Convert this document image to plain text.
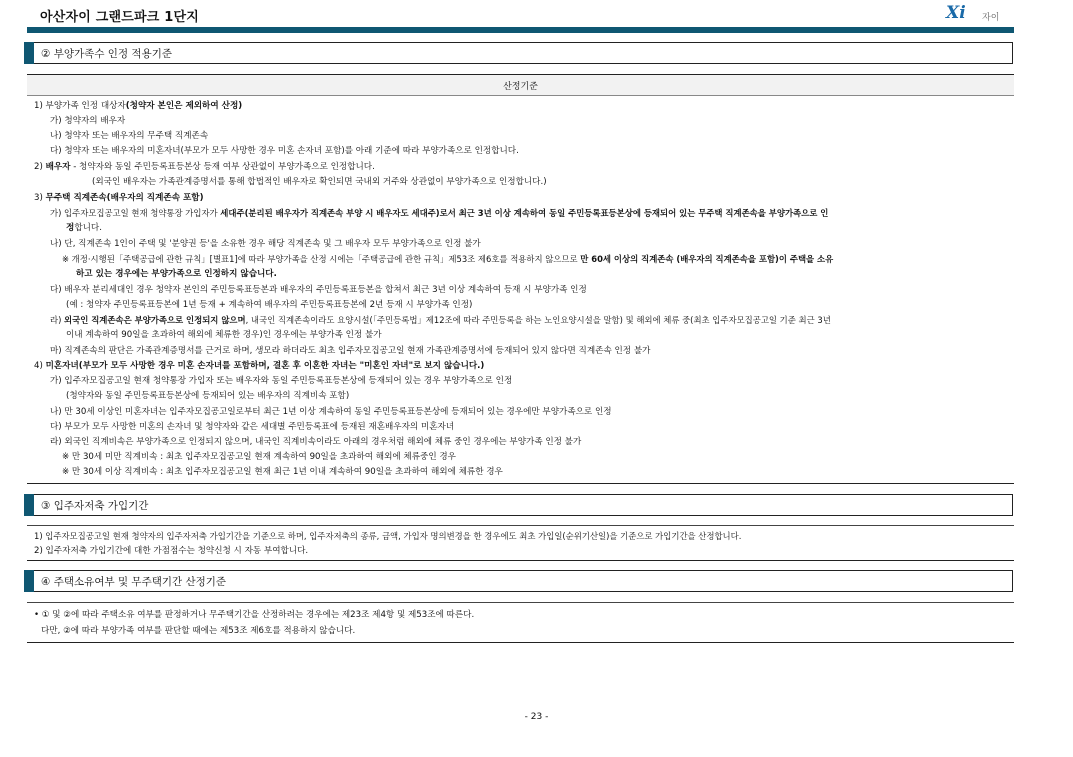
아산자이 그랜드파크 1단지	Xi 자이
② 부양가족수 인정 적용기준
산정기준
1) 부양가족 인정 대상자(청약자 본인은 제외하여 산정)
가) 청약자의 배우자
나) 청약자 또는 배우자의 무주택 직계존속
다) 청약자 또는 배우자의 미혼자녀(부모가 모두 사망한 경우 미혼 손자녀 포함)를 아래 기준에 따라 부양가족으로 인정합니다.
2) 배우자 - 청약자와 동일 주민등록표등본상 등재 여부 상관없이 부양가족으로 인정합니다.
(외국인 배우자는 가족관계증명서를 통해 합법적인 배우자로 확인되면 국내외 거주와 상관없이 부양가족으로 인정합니다.)
3) 무주택 직계존속(배우자의 직계존속 포함)
가) 입주자모집공고일 현재 청약통장 가입자가 세대주(분리된 배우자가 직계존속 부양 시 배우자도 세대주)로서 최근 3년 이상 계속하여 동일 주민등록표등본상에 등재되어 있는 무주택 직계존속을 부양가족으로 인
정합니다.
나) 단, 직계존속 1인이 주택 및 '분양권 등'을 소유한 경우 해당 직계존속 및 그 배우자 모두 부양가족으로 인정 불가
※ 개정·시행된「주택공급에 관한 규칙」[별표1]에 따라 부양가족을 산정 시에는「주택공급에 관한 규칙」제53조 제6호를 적용하지 않으므로 만 60세 이상의 직계존속 (배우자의 직계존속을 포함)이 주택을 소유
하고 있는 경우에는 부양가족으로 인정하지 않습니다.
다) 배우자 분리세대인 경우 청약자 본인의 주민등록표등본과 배우자의 주민등록표등본을 합쳐서 최근 3년 이상 계속하여 등재 시 부양가족 인정
(예 : 청약자 주민등록표등본에 1년 등재 + 계속하여 배우자의 주민등록표등본에 2년 등재 시 부양가족 인정)
라) 외국인 직계존속은 부양가족으로 인정되지 않으며, 내국인 직계존속이라도 요양시설(「주민등록법」제12조에 따라 주민등록을 하는 노인요양시설을 말함) 및 해외에 체류 중(최초 입주자모집공고일 기준 최근 3년
이내 계속하여 90일을 초과하여 해외에 체류한 경우)인 경우에는 부양가족 인정 불가
마) 직계존속의 판단은 가족관계증명서를 근거로 하며, 생모라 하더라도 최초 입주자모집공고일 현재 가족관계증명서에 등재되어 있지 않다면 직계존속 인정 불가
4) 미혼자녀(부모가 모두 사망한 경우 미혼 손자녀를 포함하며, 결혼 후 이혼한 자녀는 "미혼인 자녀"로 보지 않습니다.)
가) 입주자모집공고일 현재 청약통장 가입자 또는 배우자와 동일 주민등록표등본상에 등재되어 있는 경우 부양가족으로 인정
(청약자와 동일 주민등록표등본상에 등재되어 있는 배우자의 직계비속 포함)
나) 만 30세 이상인 미혼자녀는 입주자모집공고일로부터 최근 1년 이상 계속하여 동일 주민등록표등본상에 등재되어 있는 경우에만 부양가족으로 인정
다) 부모가 모두 사망한 미혼의 손자녀 및 청약자와 같은 세대별 주민등록표에 등재된 재혼배우자의 미혼자녀
라) 외국인 직계비속은 부양가족으로 인정되지 않으며, 내국인 직계비속이라도 아래의 경우처럼 해외에 체류 중인 경우에는 부양가족 인정 불가
※ 만 30세 미만 직계비속 : 최초 입주자모집공고일 현재 계속하여 90일을 초과하여 해외에 체류중인 경우
※ 만 30세 이상 직계비속 : 최초 입주자모집공고일 현재 최근 1년 이내 계속하여 90일을 초과하여 해외에 체류한 경우
③ 입주자저축 가입기간
1) 입주자모집공고일 현재 청약자의 입주자저축 가입기간을 기준으로 하며, 입주자저축의 종류, 금액, 가입자 명의변경을 한 경우에도 최초 가입일(순위기산일)을 기준으로 가입기간을 산정합니다.
2) 입주자저축 가입기간에 대한 가점점수는 청약신청 시 자동 부여합니다.
④ 주택소유여부 및 무주택기간 산정기준
• ① 및 ②에 따라 주택소유 여부를 판정하거나 무주택기간을 산정하려는 경우에는 제23조 제4항 및 제53조에 따른다.
다만, ②에 따라 부양가족 여부를 판단할 때에는 제53조 제6호를 적용하지 않습니다.
- 23 -
